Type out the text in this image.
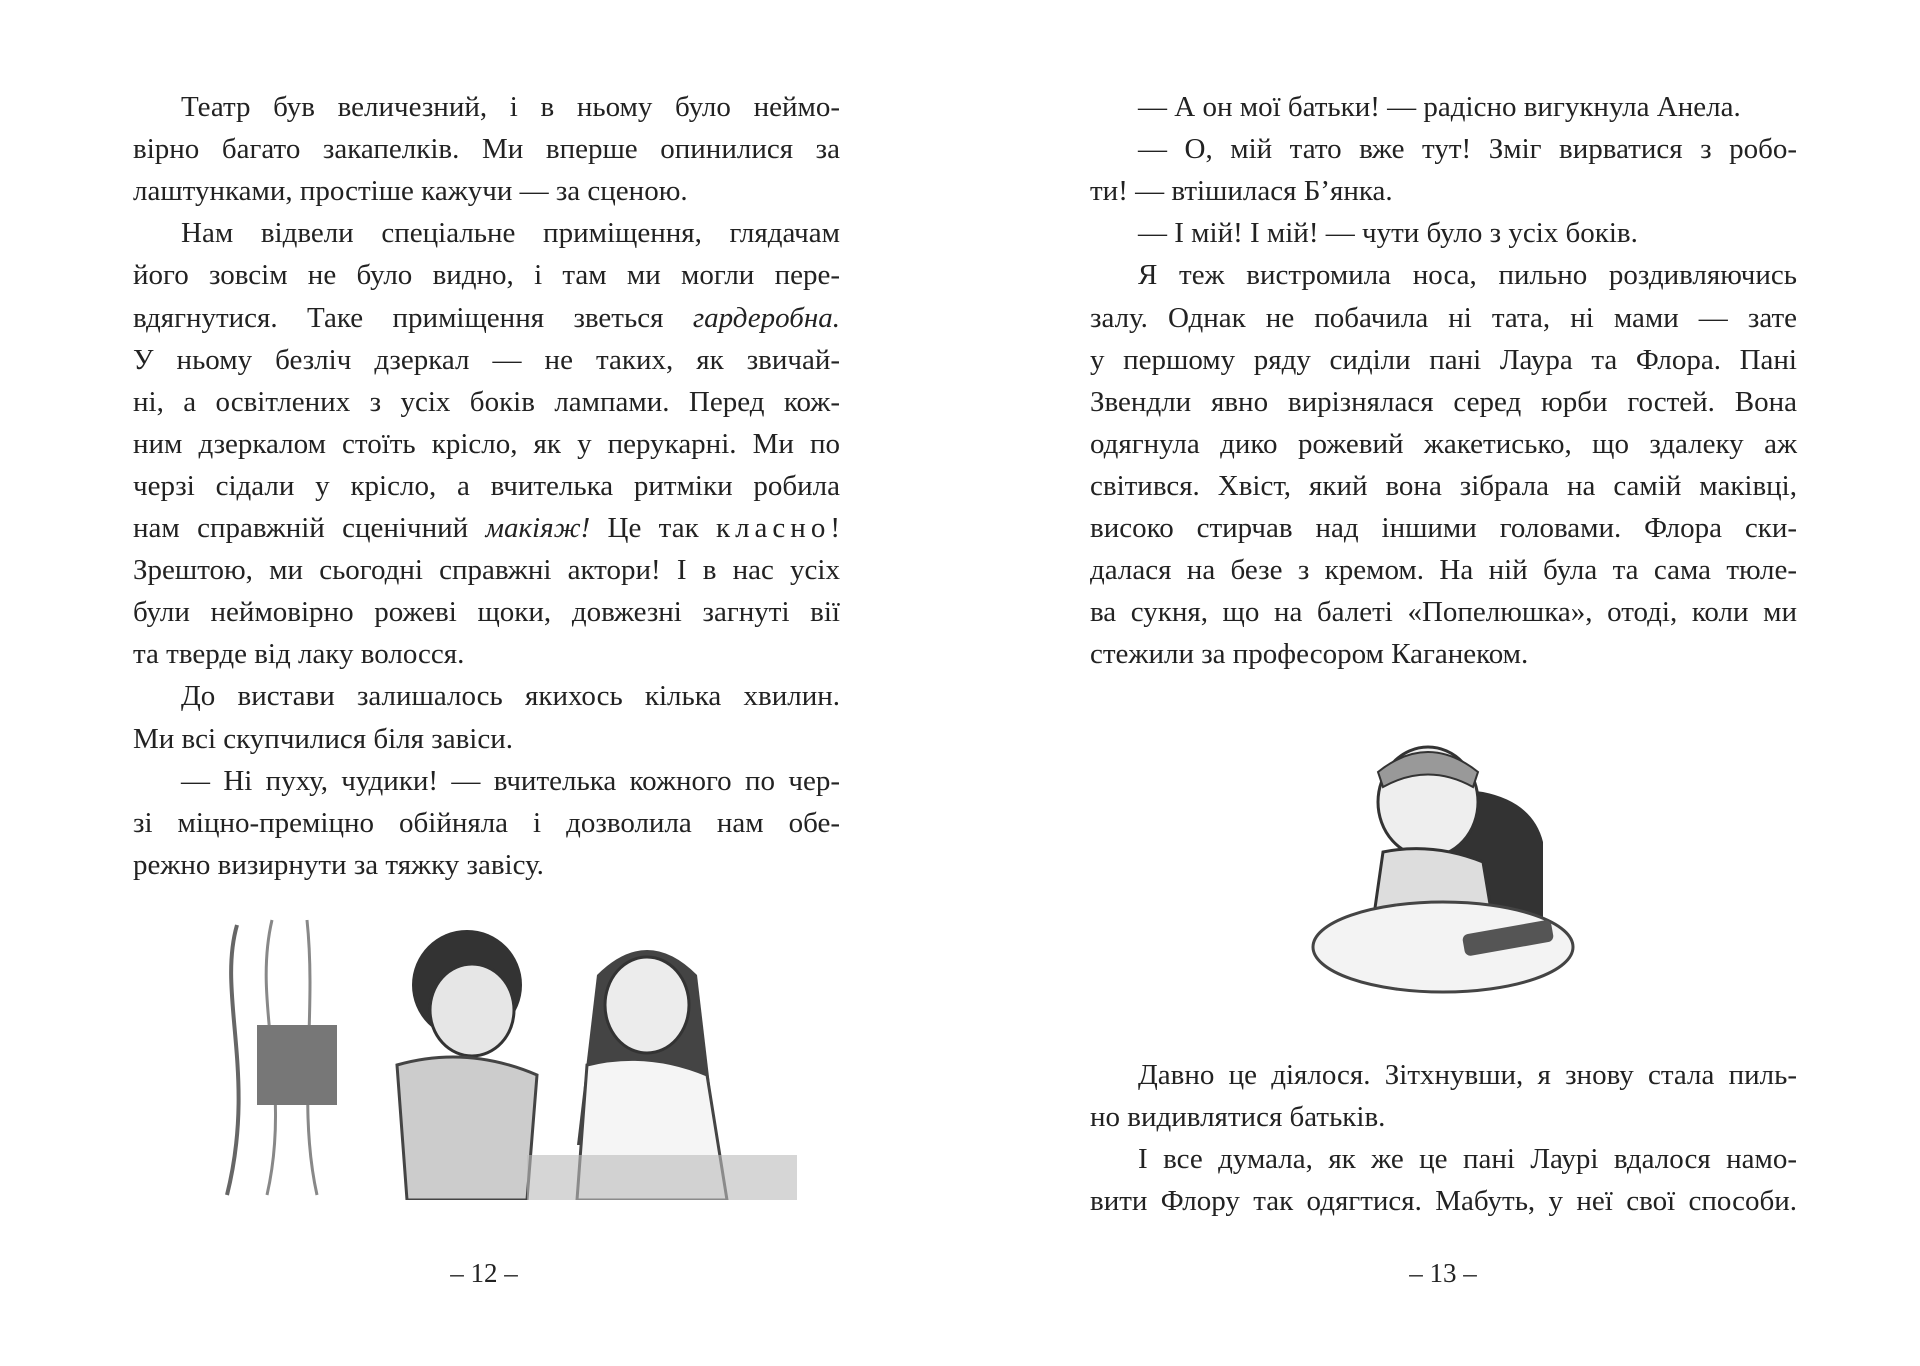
Театр був величезний, і в ньому було неймо-
вірно багато закапелків. Ми вперше опинилися за
лаштунками, простіше кажучи — за сценою.
Нам відвели спеціальне приміщення, глядачам
його зовсім не було видно, і там ми могли пере-
вдягнутися. Таке приміщення зветься гардеробна.
У ньому безліч дзеркал — не таких, як звичай-
ні, а освітлених з усіх боків лампами. Перед кож-
ним дзеркалом стоїть крісло, як у перукарні. Ми по
черзі сідали у крісло, а вчителька ритміки робила
нам справжній сценічний макіяж! Це так класно!
Зрештою, ми сьогодні справжні актори! І в нас усіх
були неймовірно рожеві щоки, довжезні загнуті вії
та тверде від лаку волосся.
До вистави залишалось якихось кілька хвилин.
Ми всі скупчилися біля завіси.
— Ні пуху, чудики! — вчителька кожного по чер-
зі міцно-преміцно обійняла і дозволила нам обе-
режно визирнути за тяжку завісу.
— А он мої батьки! — радісно вигукнула Анела.
— О, мій тато вже тут! Зміг вирватися з робо-
ти! — втішилася Б’янка.
— І мій! І мій! — чути було з усіх боків.
Я теж вистромила носа, пильно роздивляючись
залу. Однак не побачила ні тата, ні мами — зате
у першому ряду сиділи пані Лаура та Флора. Пані
Звендли явно вирізнялася серед юрби гостей. Вона
одягнула дико рожевий жакетисько, що здалеку аж
світився. Хвіст, який вона зібрала на самій маківці,
високо стирчав над іншими головами. Флора ски-
далася на безе з кремом. На ній була та сама тюле-
ва сукня, що на балеті «Попелюшка», отоді, коли ми
стежили за професором Каганеком.
Давно це діялося. Зітхнувши, я знову стала пиль-
но видивлятися батьків.
І все думала, як же це пані Лаурі вдалося намо-
вити Флору так одягтися. Мабуть, у неї свої способи.
– 12 –	– 13 –
